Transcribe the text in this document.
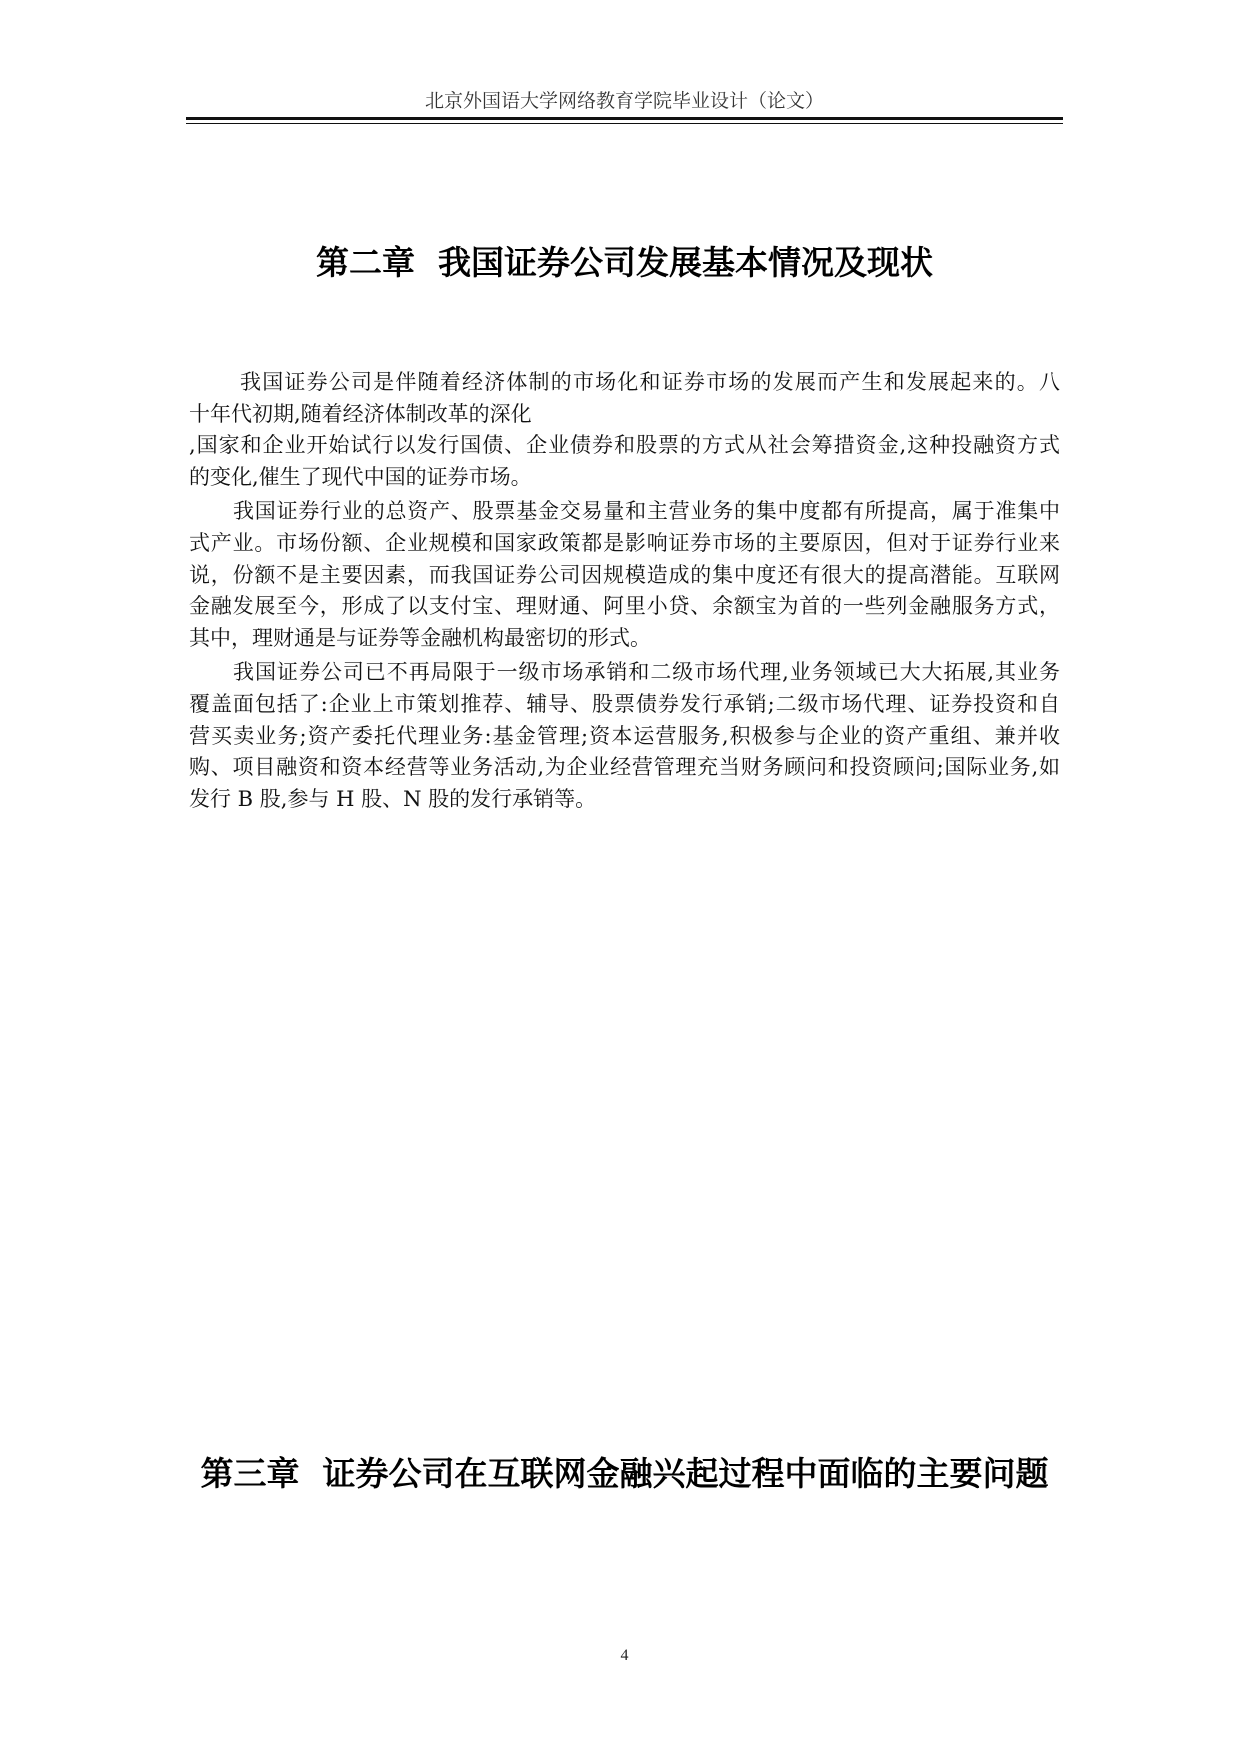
北京外国语大学网络教育学院毕业设计（论文）
第二章  我国证券公司发展基本情况及现状
我国证券公司是伴随着经济体制的市场化和证券市场的发展而产生和发展起来的。八
十年代初期,随着经济体制改革的深化
,国家和企业开始试行以发行国债、企业债券和股票的方式从社会筹措资金,这种投融资方式
的变化,催生了现代中国的证券市场。
我国证券行业的总资产、股票基金交易量和主营业务的集中度都有所提高，属于准集中
式产业。市场份额、企业规模和国家政策都是影响证券市场的主要原因，但对于证券行业来
说，份额不是主要因素，而我国证券公司因规模造成的集中度还有很大的提高潜能。互联网
金融发展至今，形成了以支付宝、理财通、阿里小贷、余额宝为首的一些列金融服务方式，
其中，理财通是与证券等金融机构最密切的形式。
我国证券公司已不再局限于一级市场承销和二级市场代理,业务领域已大大拓展,其业务
覆盖面包括了:企业上市策划推荐、辅导、股票债券发行承销;二级市场代理、证券投资和自
营买卖业务;资产委托代理业务:基金管理;资本运营服务,积极参与企业的资产重组、兼并收
购、项目融资和资本经营等业务活动,为企业经营管理充当财务顾问和投资顾问;国际业务,如
发行 B 股,参与 H 股、N 股的发行承销等。
第三章  证券公司在互联网金融兴起过程中面临的主要问题
4
